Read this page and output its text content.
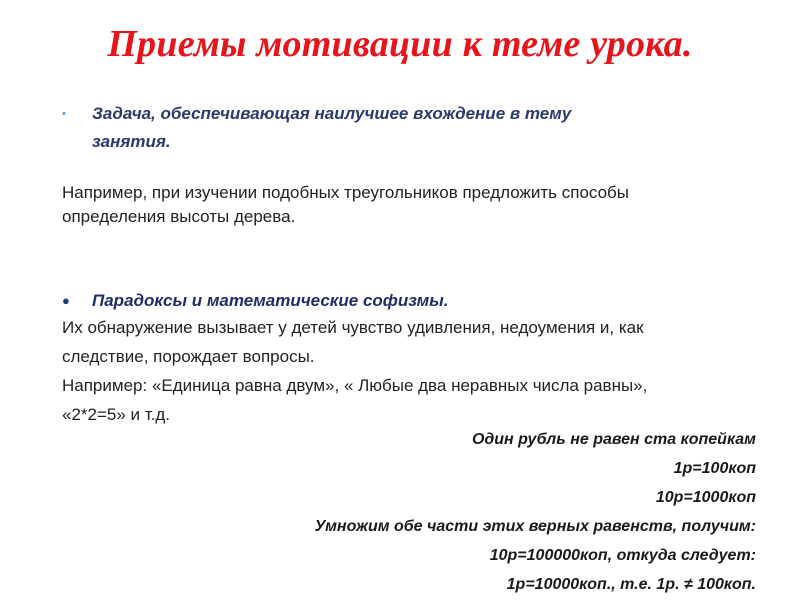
Приемы мотивации к теме урока.
•	Задача, обеспечивающая наилучшее вхождение в тему
занятия.
Например, при изучении подобных треугольников предложить способы
определения высоты дерева.
●	Парадоксы и математические софизмы.
Их обнаружение вызывает у детей чувство удивления, недоумения и, как
следствие, порождает вопросы.
Например: «Единица равна двум», « Любые два неравных числа равны»,
«2*2=5» и т.д.
Один рубль не равен ста копейкам
1р=100коп
10р=1000коп
Умножим обе части этих верных равенств, получим:
10р=100000коп, откуда следует:
1р=10000коп., т.е. 1р. ≠ 100коп.
